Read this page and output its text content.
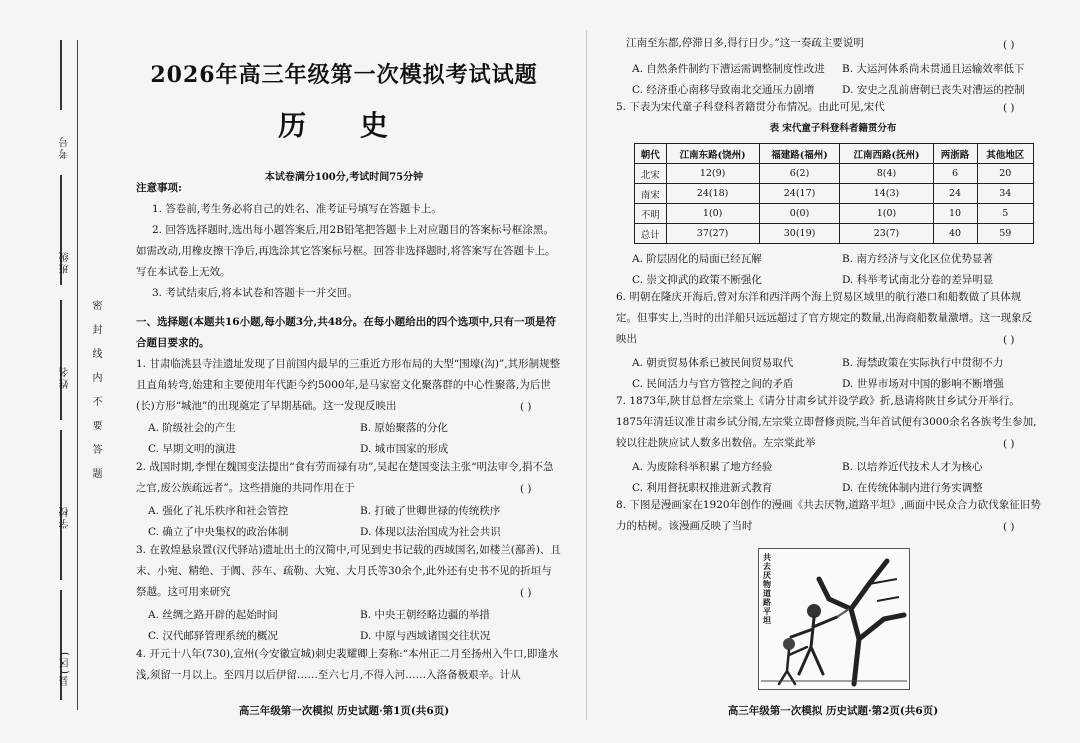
考号
班级
姓名
学校
县(区)
密封线内不要答题
2026年高三年级第一次模拟考试试题
历 史
本试卷满分100分,考试时间75分钟
注意事项:
1. 答卷前,考生务必将自己的姓名、准考证号填写在答题卡上。
2. 回答选择题时,选出每小题答案后,用2B铅笔把答题卡上对应题目的答案标号框涂黑。如需改动,用橡皮擦干净后,再选涂其它答案标号框。回答非选择题时,将答案写在答题卡上。写在本试卷上无效。
3. 考试结束后,将本试卷和答题卡一并交回。
一、选择题(本题共16小题,每小题3分,共48分。在每小题给出的四个选项中,只有一项是符合题目要求的。
1. 甘肃临洮县寺洼遗址发现了目前国内最早的三重近方形布局的大型“围壕(沟)”,其形制规整且直角转弯,始建和主要使用年代距今约5000年,是马家窑文化聚落群的中心性聚落,为后世(长)方形“城池”的出现奠定了早期基础。这一发现反映出	( )
A. 阶级社会的产生	B. 原始聚落的分化
C. 早期文明的演进	D. 城市国家的形成
2. 战国时期,李悝在魏国变法提出“食有劳而禄有功”,吴起在楚国变法主张“明法审令,捐不急之官,废公族疏远者”。这些措施的共同作用在于	( )
A. 强化了礼乐秩序和社会管控	B. 打破了世卿世禄的传统秩序
C. 确立了中央集权的政治体制	D. 体现以法治国成为社会共识
3. 在敦煌悬泉置(汉代驿站)遗址出土的汉简中,可见到史书记载的西域国名,如楼兰(鄯善)、且末、小宛、精绝、于阗、莎车、疏勒、大宛、大月氏等30余个,此外还有史书不见的折垣与祭越。这可用来研究	( )
A. 丝绸之路开辟的起始时间	B. 中央王朝经略边疆的举措
C. 汉代邮驿管理系统的概况	D. 中原与西域诸国交往状况
4. 开元十八年(730),宣州(今安徽宣城)刺史裴耀卿上奏称:“本州正二月至扬州入牛口,即逢水浅,须留一月以上。至四月以后伊留……至六七月,不得入河……入洛备极艰辛。计从
高三年级第一次模拟 历史试题·第1页(共6页)
江南至东都,停滞日多,得行日少。”这一奏疏主要说明	( )
A. 自然条件制约下漕运需调整制度性改进 B. 大运河体系尚未贯通且运输效率低下
C. 经济重心南移导致南北交通压力剧增	D. 安史之乱前唐朝已丧失对漕运的控制
5. 下表为宋代童子科登科者籍贯分布情况。由此可见,宋代	( )
表 宋代童子科登科者籍贯分布
朝代	江南东路(饶州)	福建路(福州)	江南西路(抚州)	两浙路	其他地区
北宋	12(9)	6(2)	8(4)	6	20
南宋	24(18)	24(17)	14(3)	24	34
不明	1(0)	0(0)	1(0)	10	5
总计	37(27)	30(19)	23(7)	40	59
A. 阶层固化的局面已经瓦解	B. 南方经济与文化区位优势显著
C. 崇文抑武的政策不断强化	D. 科举考试南北分卷的差异明显
6. 明朝在隆庆开海后,曾对东洋和西洋两个海上贸易区域里的航行港口和船数做了具体规定。但事实上,当时的出洋船只远远超过了官方规定的数量,出海商船数量激增。这一现象反映出	( )
A. 朝贡贸易体系已被民间贸易取代	B. 海禁政策在实际执行中贯彻不力
C. 民间活力与官方管控之间的矛盾	D. 世界市场对中国的影响不断增强
7. 1873年,陕甘总督左宗棠上《请分甘肃乡试并设学政》折,恳请将陕甘乡试分开举行。1875年清廷议准甘肃乡试分闱,左宗棠立即督修贡院,当年首试便有3000余名各族考生参加,较以往赴陕应试人数多出数倍。左宗棠此举	( )
A. 为废除科举积累了地方经验	B. 以培养近代技术人才为核心
C. 利用督抚职权推进新式教育	D. 在传统体制内进行务实调整
8. 下图是漫画家在1920年创作的漫画《共去厌物,道路平坦》,画面中民众合力砍伐象征旧势力的枯树。该漫画反映了当时	( )
共去厌物道路平坦
高三年级第一次模拟 历史试题·第2页(共6页)
